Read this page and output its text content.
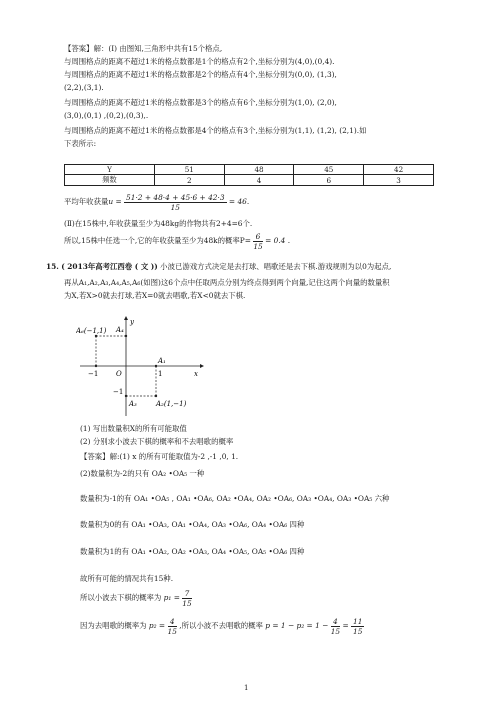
【答案】解：(Ⅰ) 由图知,三角形中共有15个格点,
与周围格点的距离不超过1米的格点数都是1个的格点有2个,坐标分别为(4,0),(0,4).
与周围格点的距离不超过1米的格点数都是2个的格点有4个,坐标分别为(0,0), (1,3),
(2,2),(3,1).
与周围格点的距离不超过1米的格点数都是3个的格点有6个,坐标分别为(1,0), (2,0),
(3,0),(0,1) ,(0,2),(0,3),.
与周围格点的距离不超过1米的格点数都是4个的格点有3个,坐标分别为(1,1), (1,2), (2,1).如
下表所示:
Y	51	48	45	42
频数	2	4	6	3
平均年收获量$u = \frac{51\cdot 2 + 48\cdot 4 + 45\cdot 6 + 42\cdot 3}{15} = 46$.
(Ⅱ)在15株中,年收获量至少为48kg的作物共有2+4=6个.
所以,15株中任选一个,它的年收获量至少为48k的概率$P= \frac{6}{15} = 0.4$ .
15. ( 2013年高考江西卷 ( 文 )) 小波已游戏方式决定是去打球、唱歌还是去下棋.游戏规则为以0为起点,
再从A₁,A₂,A₃,A₄,A₅,A₆(如图)这6个点中任取两点分别为终点得到两个向量,记住这两个向量的数量积
为X,若X>0就去打球,若X=0就去唱歌,若X<0就去下棋.
y
x
O
A₆(−1,1) A₄
A₁
A₃	A₂(1,−1)
1
−1
−1
(1) 写出数量积X的所有可能取值
(2) 分别求小波去下棋的概率和不去唱歌的概率
【答案】解:(1) x 的所有可能取值为-2 ,-1 ,0, 1.
(2)数量积为-2的只有 OA₂ •OA₅ 一种
数量积为-1的有 OA₁ •OA₅ , OA₁ •OA₆, OA₂ •OA₄, OA₂ •OA₆, OA₃ •OA₄, OA₃ •OA₅ 六种
数量积为0的有 OA₁ •OA₃, OA₁ •OA₄, OA₃ •OA₆, OA₄ •OA₆ 四种
数量积为1的有 OA₁ •OA₂, OA₂ •OA₃, OA₄ •OA₅, OA₅ •OA₆ 四种
故所有可能的情况共有15种.
所以小波去下棋的概率为 $p_1 = \frac{7}{15}$
因为去唱歌的概率为 $p_2 = \frac{4}{15}$ ,所以小波不去唱歌的概率 $p = 1 - p_2 = 1 - \frac{4}{15} = \frac{11}{15}$
1
